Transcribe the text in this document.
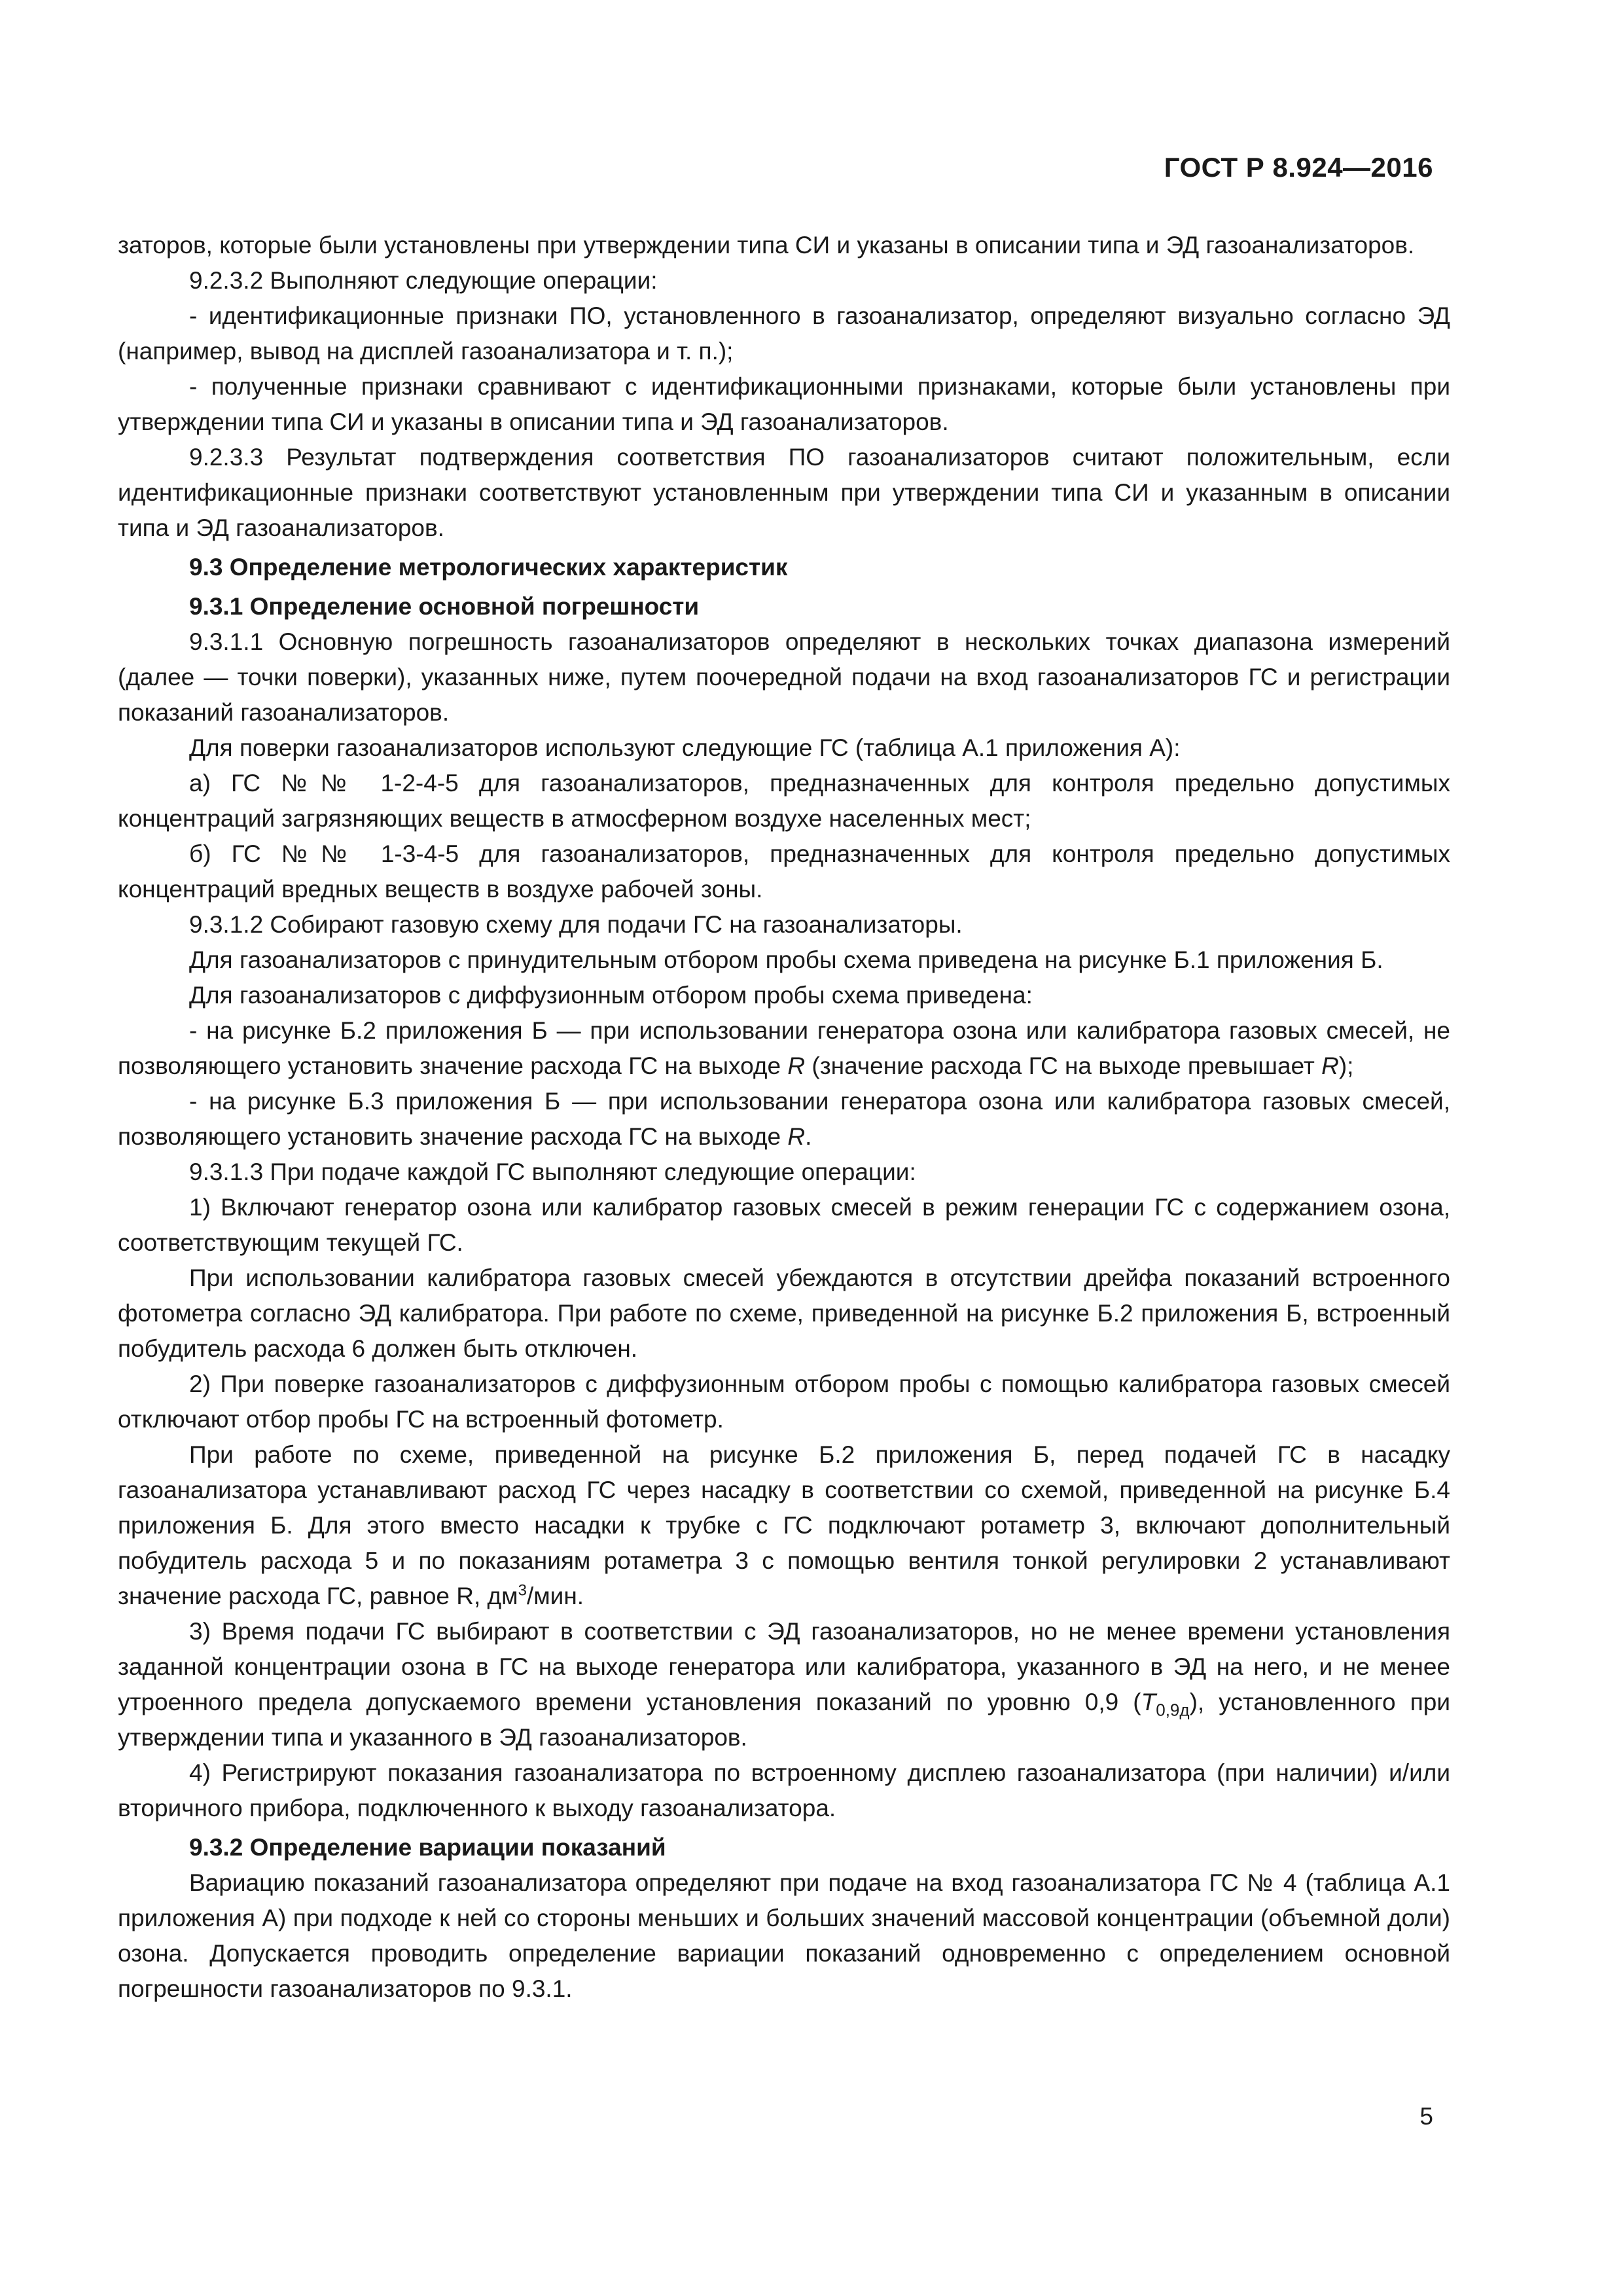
ГОСТ Р 8.924—2016

заторов, которые были установлены при утверждении типа СИ и указаны в описании типа и ЭД газоанализаторов.

9.2.3.2 Выполняют следующие операции:

- идентификационные признаки ПО, установленного в газоанализатор, определяют визуально согласно ЭД (например, вывод на дисплей газоанализатора и т. п.);

- полученные признаки сравнивают с идентификационными признаками, которые были установлены при утверждении типа СИ и указаны в описании типа и ЭД газоанализаторов.

9.2.3.3 Результат подтверждения соответствия ПО газоанализаторов считают положительным, если идентификационные признаки соответствуют установленным при утверждении типа СИ и указанным в описании типа и ЭД газоанализаторов.

9.3 Определение метрологических характеристик

9.3.1 Определение основной погрешности

9.3.1.1 Основную погрешность газоанализаторов определяют в нескольких точках диапазона измерений (далее — точки поверки), указанных ниже, путем поочередной подачи на вход газоанализаторов ГС и регистрации показаний газоанализаторов.

Для поверки газоанализаторов используют следующие ГС (таблица А.1 приложения А):

а) ГС №№ 1-2-4-5 для газоанализаторов, предназначенных для контроля предельно допустимых концентраций загрязняющих веществ в атмосферном воздухе населенных мест;

б) ГС №№ 1-3-4-5 для газоанализаторов, предназначенных для контроля предельно допустимых концентраций вредных веществ в воздухе рабочей зоны.

9.3.1.2 Собирают газовую схему для подачи ГС на газоанализаторы.

Для газоанализаторов с принудительным отбором пробы схема приведена на рисунке Б.1 приложения Б.

Для газоанализаторов с диффузионным отбором пробы схема приведена:

- на рисунке Б.2 приложения Б — при использовании генератора озона или калибратора газовых смесей, не позволяющего установить значение расхода ГС на выходе R (значение расхода ГС на выходе превышает R);

- на рисунке Б.3 приложения Б — при использовании генератора озона или калибратора газовых смесей, позволяющего установить значение расхода ГС на выходе R.

9.3.1.3 При подаче каждой ГС выполняют следующие операции:

1) Включают генератор озона или калибратор газовых смесей в режим генерации ГС с содержанием озона, соответствующим текущей ГС.

При использовании калибратора газовых смесей убеждаются в отсутствии дрейфа показаний встроенного фотометра согласно ЭД калибратора. При работе по схеме, приведенной на рисунке Б.2 приложения Б, встроенный побудитель расхода 6 должен быть отключен.

2) При поверке газоанализаторов с диффузионным отбором пробы с помощью калибратора газовых смесей отключают отбор пробы ГС на встроенный фотометр.

При работе по схеме, приведенной на рисунке Б.2 приложения Б, перед подачей ГС в насадку газоанализатора устанавливают расход ГС через насадку в соответствии со схемой, приведенной на рисунке Б.4 приложения Б. Для этого вместо насадки к трубке с ГС подключают ротаметр 3, включают дополнительный побудитель расхода 5 и по показаниям ротаметра 3 с помощью вентиля тонкой регулировки 2 устанавливают значение расхода ГС, равное R, $дм^3$/мин.

3) Время подачи ГС выбирают в соответствии с ЭД газоанализаторов, но не менее времени установления заданной концентрации озона в ГС на выходе генератора или калибратора, указанного в ЭД на него, и не менее утроенного предела допускаемого времени установления показаний по уровню 0,9 $(T_{0,9д})$, установленного при утверждении типа и указанного в ЭД газоанализаторов.

4) Регистрируют показания газоанализатора по встроенному дисплею газоанализатора (при наличии) и/или вторичного прибора, подключенного к выходу газоанализатора.

9.3.2 Определение вариации показаний

Вариацию показаний газоанализатора определяют при подаче на вход газоанализатора ГС № 4 (таблица А.1 приложения А) при подходе к ней со стороны меньших и больших значений массовой концентрации (объемной доли) озона. Допускается проводить определение вариации показаний одновременно с определением основной погрешности газоанализаторов по 9.3.1.

5
